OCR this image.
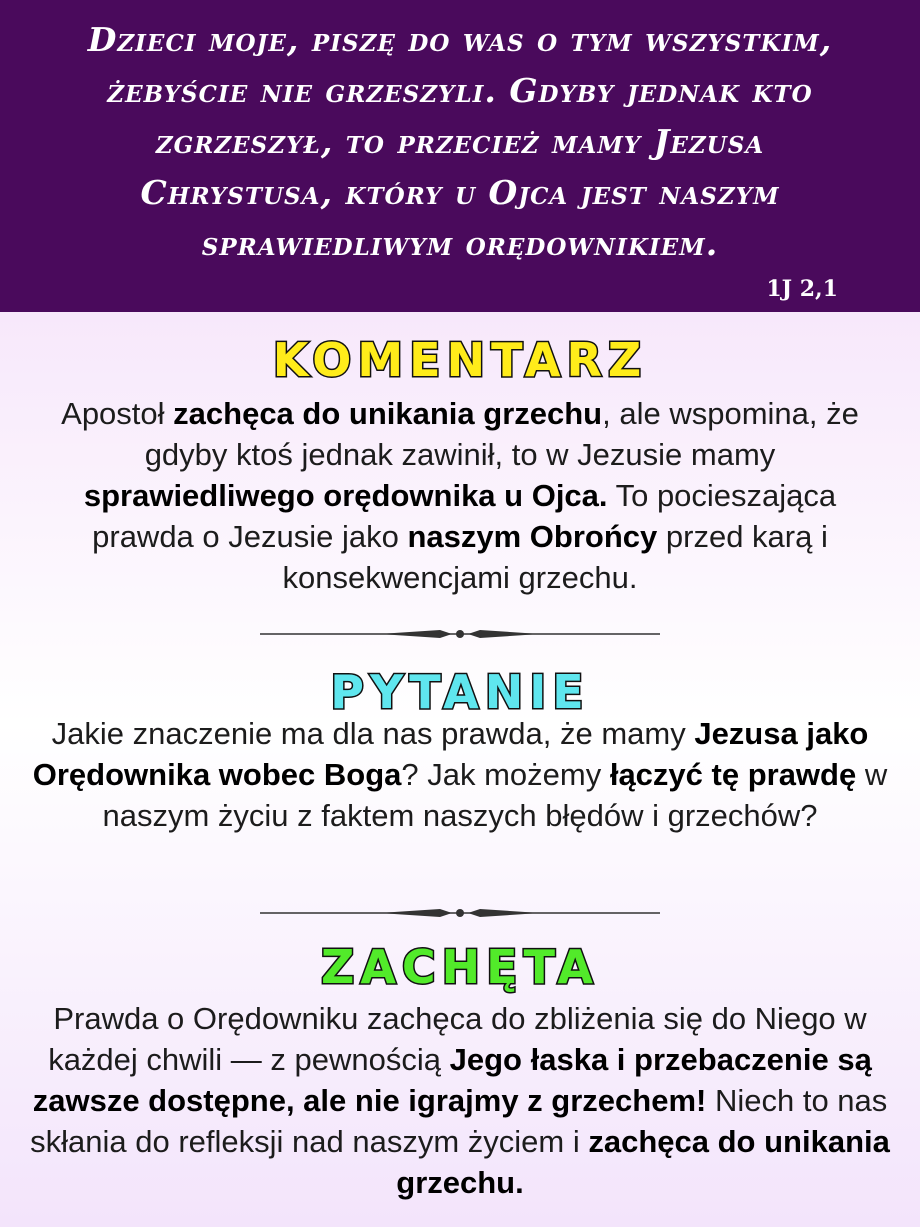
Dzieci moje, piszę do was o tym wszystkim,
żebyście nie grzeszyli. Gdyby jednak kto
zgrzeszył, to przecież mamy Jezusa
Chrystusa, który u Ojca jest naszym
sprawiedliwym orędownikiem.
1J 2,1
KOMENTARZ
Apostoł zachęca do unikania grzechu, ale wspomina, że gdyby ktoś jednak zawinił, to w Jezusie mamy sprawiedliwego orędownika u Ojca. To pocieszająca prawda o Jezusie jako naszym Obrońcy przed karą i konsekwencjami grzechu.
PYTANIE
Jakie znaczenie ma dla nas prawda, że mamy Jezusa jako Orędownika wobec Boga? Jak możemy łączyć tę prawdę w naszym życiu z faktem naszych błędów i grzechów?
ZACHĘTA
Prawda o Orędowniku zachęca do zbliżenia się do Niego w każdej chwili — z pewnością Jego łaska i przebaczenie są zawsze dostępne, ale nie igrajmy z grzechem! Niech to nas skłania do refleksji nad naszym życiem i zachęca do unikania grzechu.
